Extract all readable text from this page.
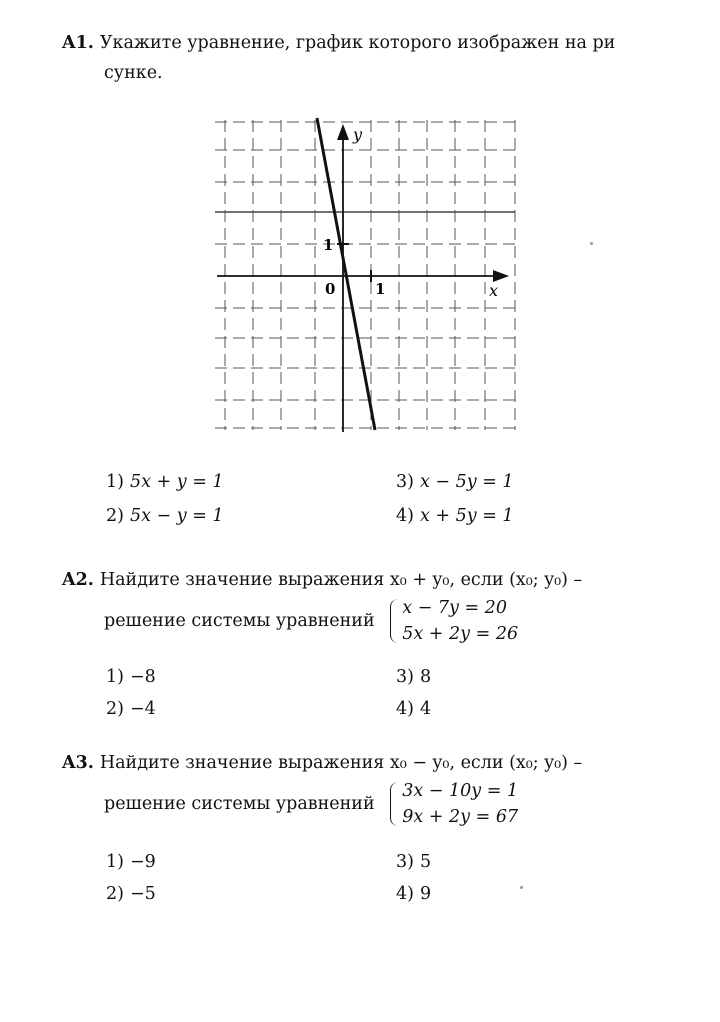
A1. Укажите уравнение, график которого изображен на ри
сунке.
y
x
0	1
1
1) 5x + y = 1
2) 5x − y = 1
3) x − 5y = 1
4) x + 5y = 1
A2. Найдите значение выражения x₀ + y₀, если (x₀; y₀) –
решение системы уравнений
x − 7y = 20
5x + 2y = 26
1) −8
2) −4
3) 8
4) 4
A3. Найдите значение выражения x₀ − y₀, если (x₀; y₀) –
решение системы уравнений
3x − 10y = 1
9x + 2y = 67
1) −9
2) −5
3) 5
4) 9
